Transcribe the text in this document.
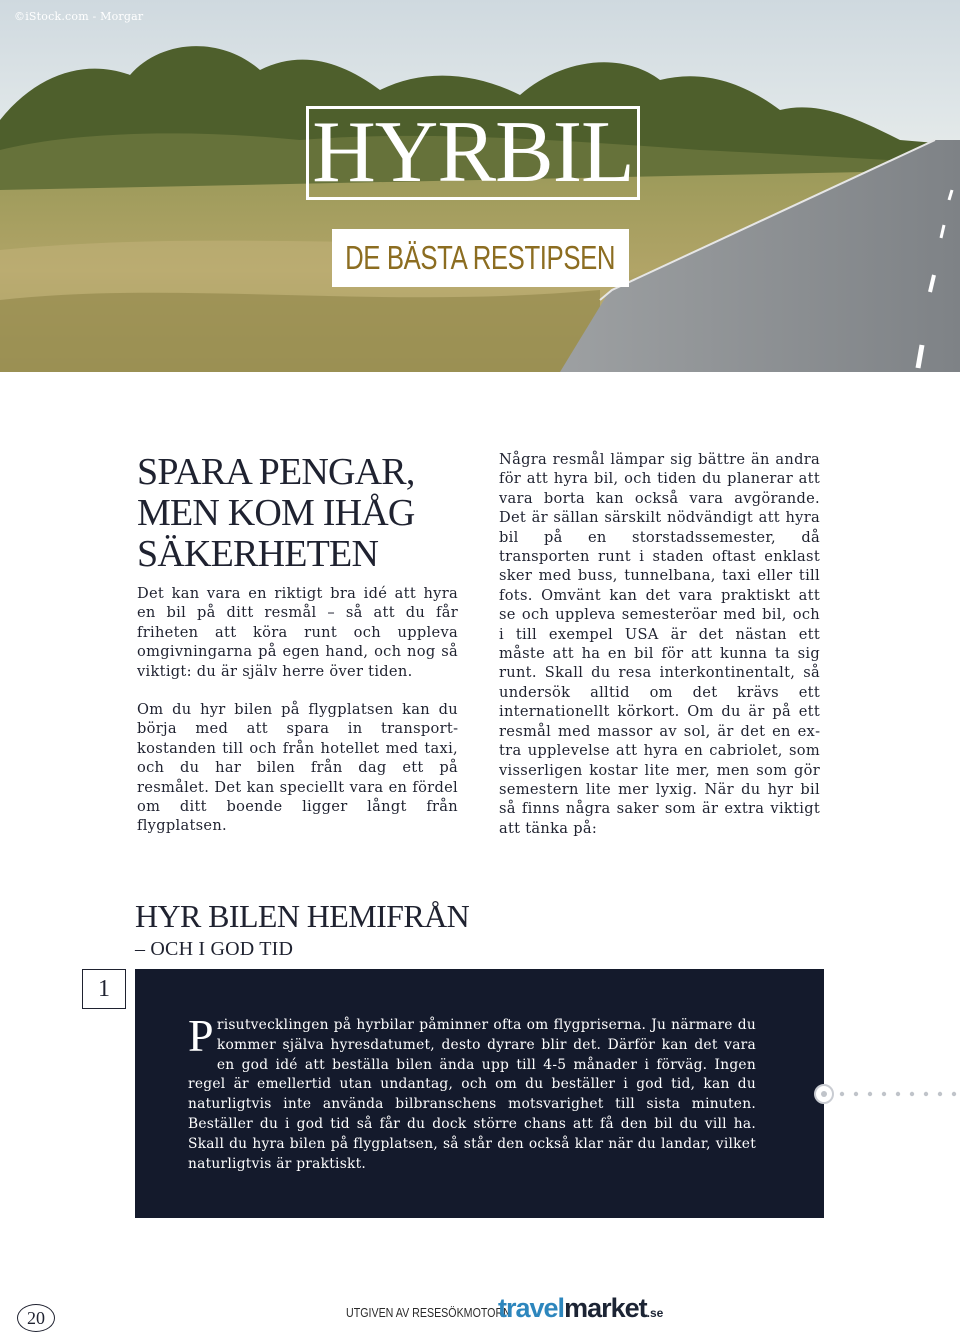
©iStock.com - Morgar
HYRBIL
DE BÄSTA RESTIPSEN
SPARA PENGAR, MEN KOM IHÅG SÄKERHETEN

Det kan vara en riktigt bra idé att hyra en bil på ditt resmål – så att du får friheten att köra runt och uppleva omgivningarna på egen hand, och nog så viktigt: du är själv herre över tiden.

Om du hyr bilen på flygplatsen kan du börja med att spara in transportkostanden till och från hotellet med taxi, och du har bilen från dag ett på resmålet. Det kan speciellt vara en fördel om ditt boende ligger långt från flygplatsen.

Några resmål lämpar sig bättre än andra för att hyra bil, och tiden du planerar att vara borta kan också vara avgörande. Det är sällan särskilt nödvändigt att hyra bil på en storstadssemester, då transporten runt i staden oftast enklast sker med buss, tunnelbana, taxi eller till fots. Omvänt kan det vara praktiskt att se och uppleva semesteröar med bil, och i till exempel USA är det nästan ett måste att ha en bil för att kunna ta sig runt. Skall du resa interkontinentalt, så undersök alltid om det krävs ett internationellt körkort. Om du är på ett resmål med massor av sol, är det en extra upplevelse att hyra en cabriolet, som visserligen kostar lite mer, men som gör semestern lite mer lyxig. När du hyr bil så finns några saker som är extra viktigt att tänka på:

HYR BILEN HEMIFRÅN
– OCH I GOD TID
1

Prisutvecklingen på hyrbilar påminner ofta om flygpriserna. Ju närmare du kommer själva hyresdatumet, desto dyrare blir det. Därför kan det vara en god idé att beställa bilen ända upp till 4-5 månader i förväg. Ingen regel är emellertid utan undantag, och om du beställer i god tid, kan du naturligtvis inte använda bilbranschens motsvarighet till sista minuten. Beställer du i god tid så får du dock större chans att få den bil du vill ha. Skall du hyra bilen på flygplatsen, så står den också klar när du landar, vilket naturligtvis är praktiskt.

20	UTGIVEN AV RESESÖKMOTORN
travelmarket.se
